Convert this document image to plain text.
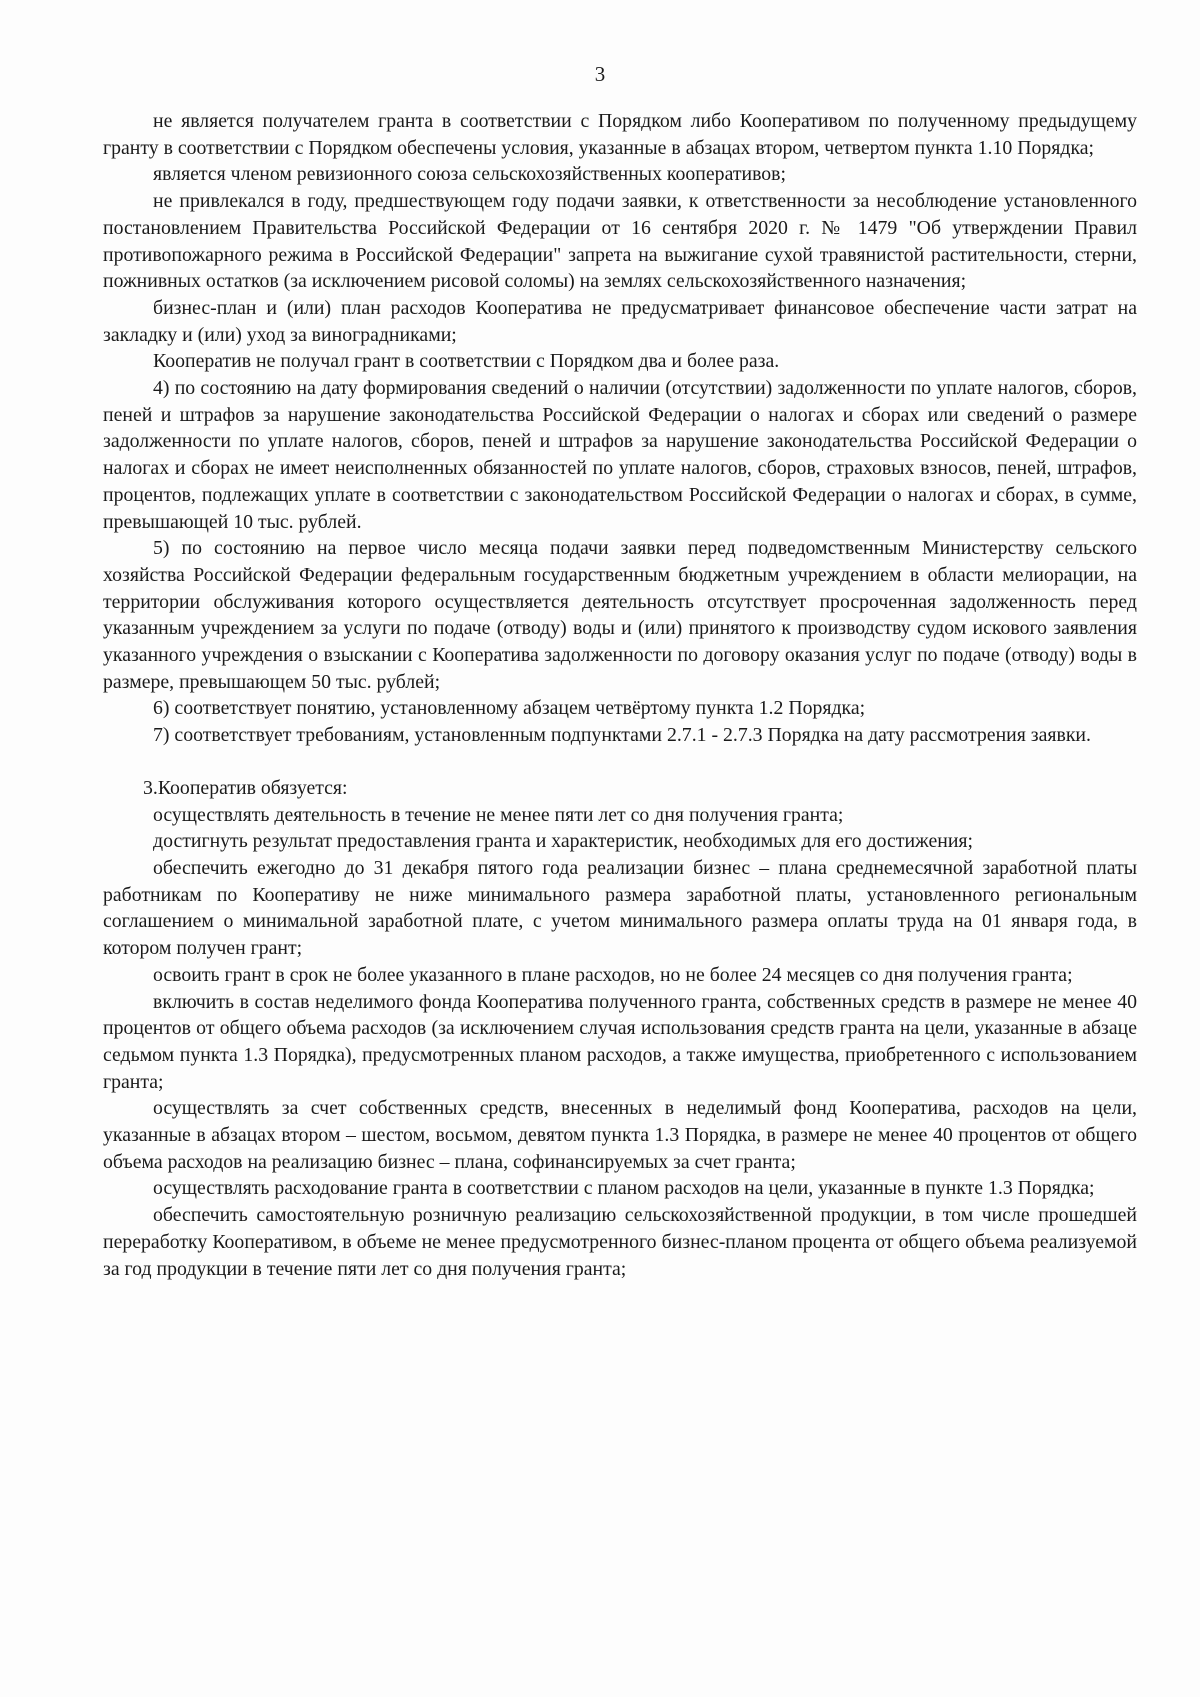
3

не является получателем гранта в соответствии с Порядком либо Кооперативом по полученному предыдущему гранту в соответствии с Порядком обеспечены условия, указанные в абзацах втором, четвертом пункта 1.10 Порядка;

является членом ревизионного союза сельскохозяйственных кооперативов;

не привлекался в году, предшествующем году подачи заявки, к ответственности за несоблюдение установленного постановлением Правительства Российской Федерации от 16 сентября 2020 г. № 1479 "Об утверждении Правил противопожарного режима в Российской Федерации" запрета на выжигание сухой травянистой растительности, стерни, пожнивных остатков (за исключением рисовой соломы) на землях сельскохозяйственного назначения;

бизнес-план и (или) план расходов Кооператива не предусматривает финансовое обеспечение части затрат на закладку и (или) уход за виноградниками;

Кооператив не получал грант в соответствии с Порядком два и более раза.

4) по состоянию на дату формирования сведений о наличии (отсутствии) задолженности по уплате налогов, сборов, пеней и штрафов за нарушение законодательства Российской Федерации о налогах и сборах или сведений о размере задолженности по уплате налогов, сборов, пеней и штрафов за нарушение законодательства Российской Федерации о налогах и сборах не имеет неисполненных обязанностей по уплате налогов, сборов, страховых взносов, пеней, штрафов, процентов, подлежащих уплате в соответствии с законодательством Российской Федерации о налогах и сборах, в сумме, превышающей 10 тыс. рублей.

5) по состоянию на первое число месяца подачи заявки перед подведомственным Министерству сельского хозяйства Российской Федерации федеральным государственным бюджетным учреждением в области мелиорации, на территории обслуживания которого осуществляется деятельность отсутствует просроченная задолженность перед указанным учреждением за услуги по подаче (отводу) воды и (или) принятого к производству судом искового заявления указанного учреждения о взыскании с Кооператива задолженности по договору оказания услуг по подаче (отводу) воды в размере, превышающем 50 тыс. рублей;

6) соответствует понятию, установленному абзацем четвёртому пункта 1.2 Порядка;

7) соответствует требованиям, установленным подпунктами 2.7.1 - 2.7.3 Порядка на дату рассмотрения заявки.

3.Кооператив обязуется:

осуществлять деятельность в течение не менее пяти лет со дня получения гранта;

достигнуть результат предоставления гранта и характеристик, необходимых для его достижения;

обеспечить ежегодно до 31 декабря пятого года реализации бизнес – плана среднемесячной заработной платы работникам по Кооперативу не ниже минимального размера заработной платы, установленного региональным соглашением о минимальной заработной плате, с учетом минимального размера оплаты труда на 01 января года, в котором получен грант;

освоить грант в срок не более указанного в плане расходов, но не более 24 месяцев со дня получения гранта;

включить в состав неделимого фонда Кооператива полученного гранта, собственных средств в размере не менее 40 процентов от общего объема расходов (за исключением случая использования средств гранта на цели, указанные в абзаце седьмом пункта 1.3 Порядка), предусмотренных планом расходов, а также имущества, приобретенного с использованием гранта;

осуществлять за счет собственных средств, внесенных в неделимый фонд Кооператива, расходов на цели, указанные в абзацах втором – шестом, восьмом, девятом пункта 1.3 Порядка, в размере не менее 40 процентов от общего объема расходов на реализацию бизнес – плана, софинансируемых за счет гранта;

осуществлять расходование гранта в соответствии с планом расходов на цели, указанные в пункте 1.3 Порядка;

обеспечить самостоятельную розничную реализацию сельскохозяйственной продукции, в том числе прошедшей переработку Кооперативом, в объеме не менее предусмотренного бизнес-планом процента от общего объема реализуемой за год продукции в течение пяти лет со дня получения гранта;
